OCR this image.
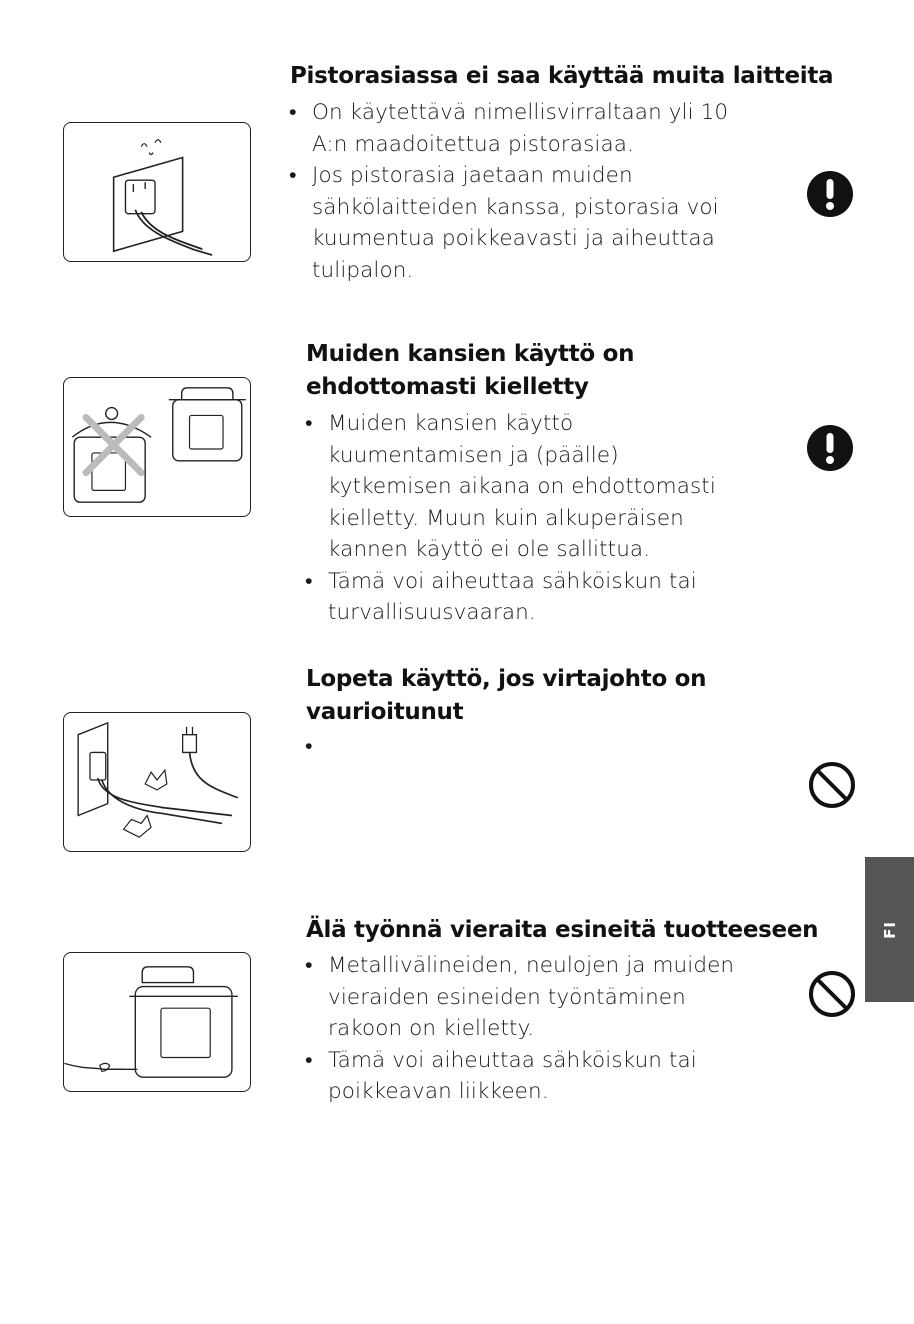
Pistorasiassa ei saa käyttää muita laitteita
• On käytettävä nimellisvirraltaan yli 10 A:n maadoitettua pistorasiaa.
• Jos pistorasia jaetaan muiden sähkölaitteiden kanssa, pistorasia voi kuumentua poikkeavasti ja aiheuttaa tulipalon.
Muiden kansien käyttö on
ehdottomasti kielletty
• Muiden kansien käyttö kuumentamisen ja (päälle) kytkemisen aikana on ehdottomasti kielletty. Muun kuin alkuperäisen kannen käyttö ei ole sallittua.
• Tämä voi aiheuttaa sähköiskun tai turvallisuusvaaran.
Lopeta käyttö, jos virtajohto on
vaurioitunut
Älä työnnä vieraita esineitä tuotteeseen
• Metallivälineiden, neulojen ja muiden vieraiden esineiden työntäminen rakoon on kielletty.
• Tämä voi aiheuttaa sähköiskun tai poikkeavan liikkeen.
FI
